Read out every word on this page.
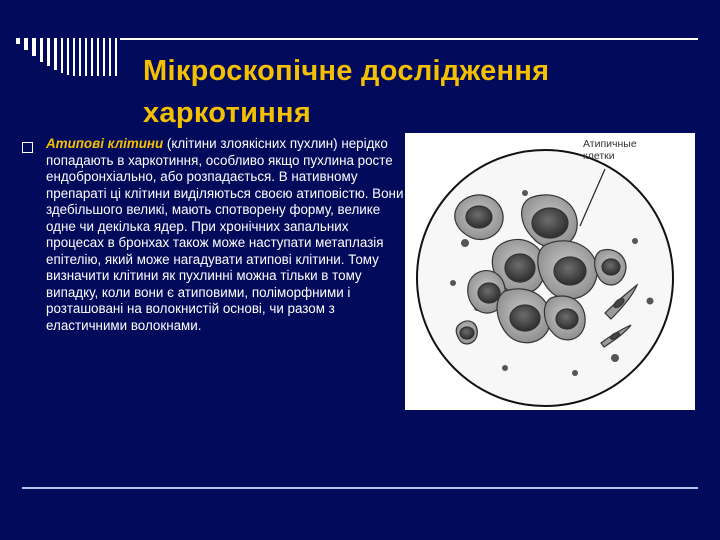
Мікроскопічне дослідження харкотиння

Атипові клітини (клітини злоякісних пухлин) нерідко попадають в харкотиння, особливо якщо пухлина росте ендобронхіально, або розпадається. В нативному препараті ці клітини виділяються своєю атиповістю. Вони здебільшого великі, мають спотворену форму, велике одне чи декілька ядер. При хронічних запальних процесах в бронхах також може наступати метаплазія епітелію, який може нагадувати атипові клітини. Тому визначити клітини як пухлинні можна тільки в тому випадку, коли вони є атиповими, поліморфними і розташовані на волокнистій основі, чи разом з еластичними волокнами.

Атипичные
клетки
